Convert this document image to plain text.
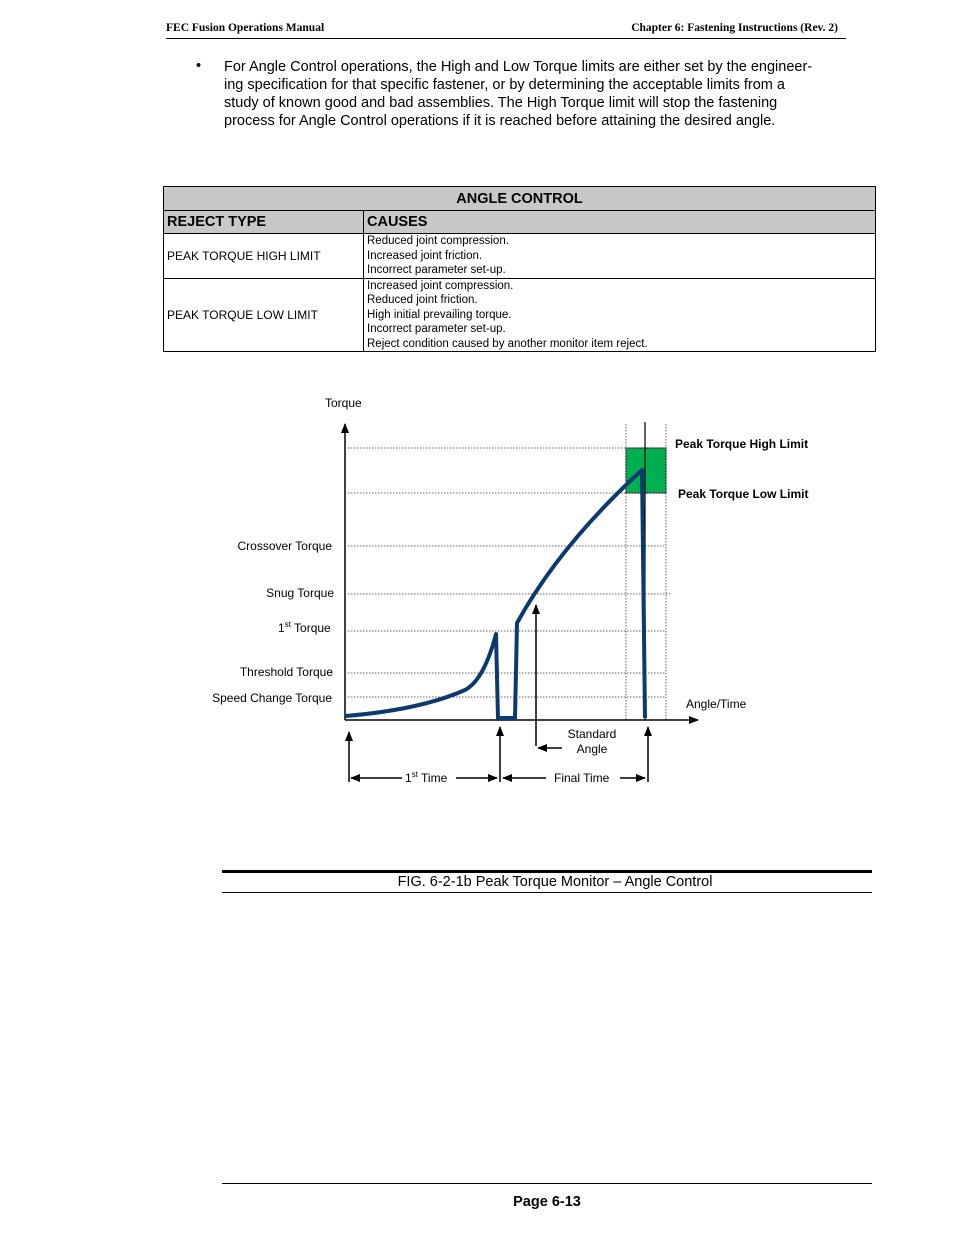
FEC Fusion Operations Manual	Chapter 6: Fastening Instructions (Rev. 2)
• For Angle Control operations, the High and Low Torque limits are either set by the engineer-
ing specification for that specific fastener, or by determining the acceptable limits from a
study of known good and bad assemblies. The High Torque limit will stop the fastening
process for Angle Control operations if it is reached before attaining the desired angle.
ANGLE CONTROL	
REJECT TYPE	CAUSES
PEAK TORQUE HIGH LIMIT	Reduced joint compression.
Increased joint friction.
Incorrect parameter set-up.

PEAK TORQUE LOW LIMIT	Increased joint compression.
Reduced joint friction.
High initial prevailing torque.
Incorrect parameter set-up.
Reject condition caused by another monitor item reject.
Torque
Angle/Time
Crossover Torque
Snug Torque
1st Torque
Threshold Torque
Speed Change Torque
Peak Torque High Limit
Peak Torque Low Limit
Standard
Angle
1st Time	Final Time
FIG. 6-2-1b Peak Torque Monitor – Angle Control
Page 6-13
